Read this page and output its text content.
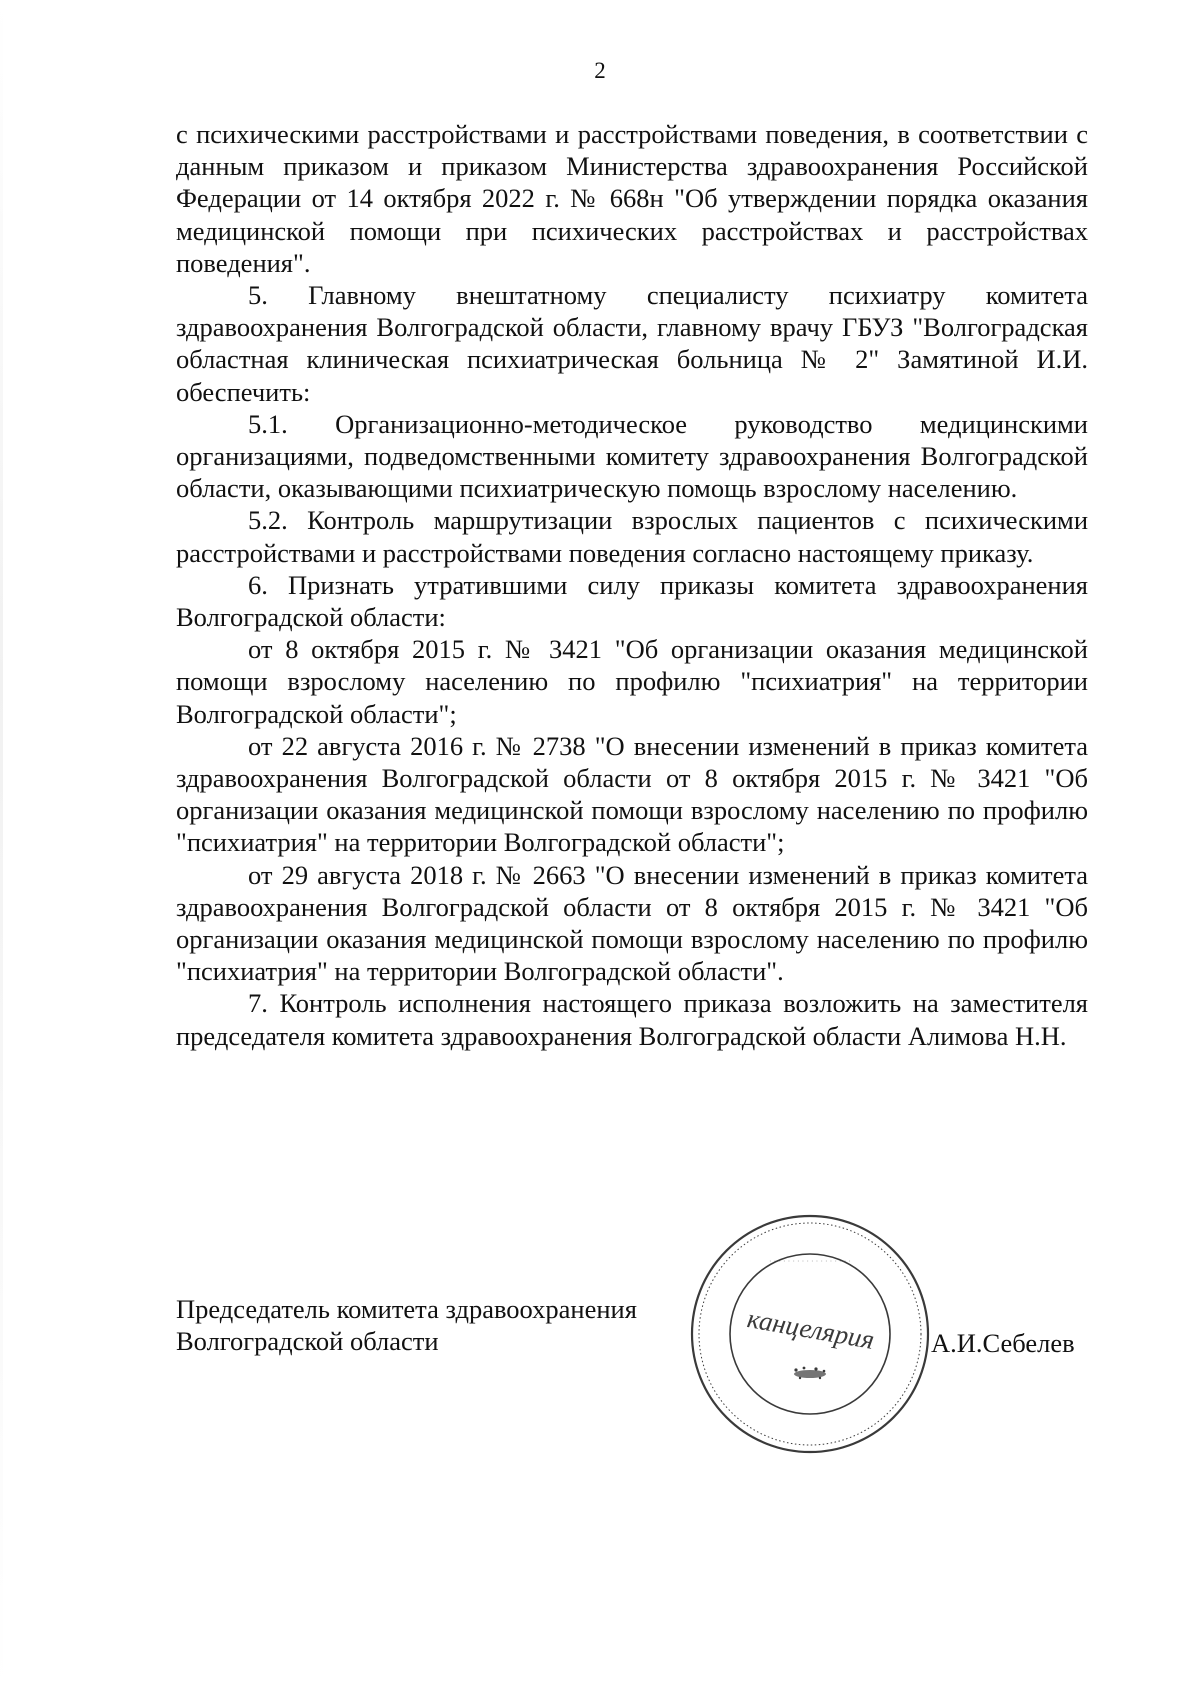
2

с психическими расстройствами и расстройствами поведения, в соответствии с данным приказом и приказом Министерства здравоохранения Российской Федерации от 14 октября 2022 г. № 668н "Об утверждении порядка оказания медицинской помощи при психических расстройствах и расстройствах поведения".

5. Главному внештатному специалисту психиатру комитета здравоохранения Волгоградской области, главному врачу ГБУЗ "Волгоградская областная клиническая психиатрическая больница № 2" Замятиной И.И. обеспечить:

5.1. Организационно-методическое руководство медицинскими организациями, подведомственными комитету здравоохранения Волгоградской области, оказывающими психиатрическую помощь взрослому населению.

5.2. Контроль маршрутизации взрослых пациентов с психическими расстройствами и расстройствами поведения согласно настоящему приказу.

6. Признать утратившими силу приказы комитета здравоохранения Волгоградской области:

от 8 октября 2015 г. № 3421 "Об организации оказания медицинской помощи взрослому населению по профилю "психиатрия" на территории Волгоградской области";

от 22 августа 2016 г. № 2738 "О внесении изменений в приказ комитета здравоохранения Волгоградской области от 8 октября 2015 г. № 3421 "Об организации оказания медицинской помощи взрослому населению по профилю "психиатрия" на территории Волгоградской области";

от 29 августа 2018 г. № 2663 "О внесении изменений в приказ комитета здравоохранения Волгоградской области от 8 октября 2015 г. № 3421 "Об организации оказания медицинской помощи взрослому населению по профилю "психиатрия" на территории Волгоградской области".

7. Контроль исполнения настоящего приказа возложить на заместителя председателя комитета здравоохранения Волгоградской области Алимова Н.Н.

Председатель комитета здравоохранения
Волгоградской области
· · · · · · · · · · · · · · · · · ·
канцелярия А.И.Себелев
